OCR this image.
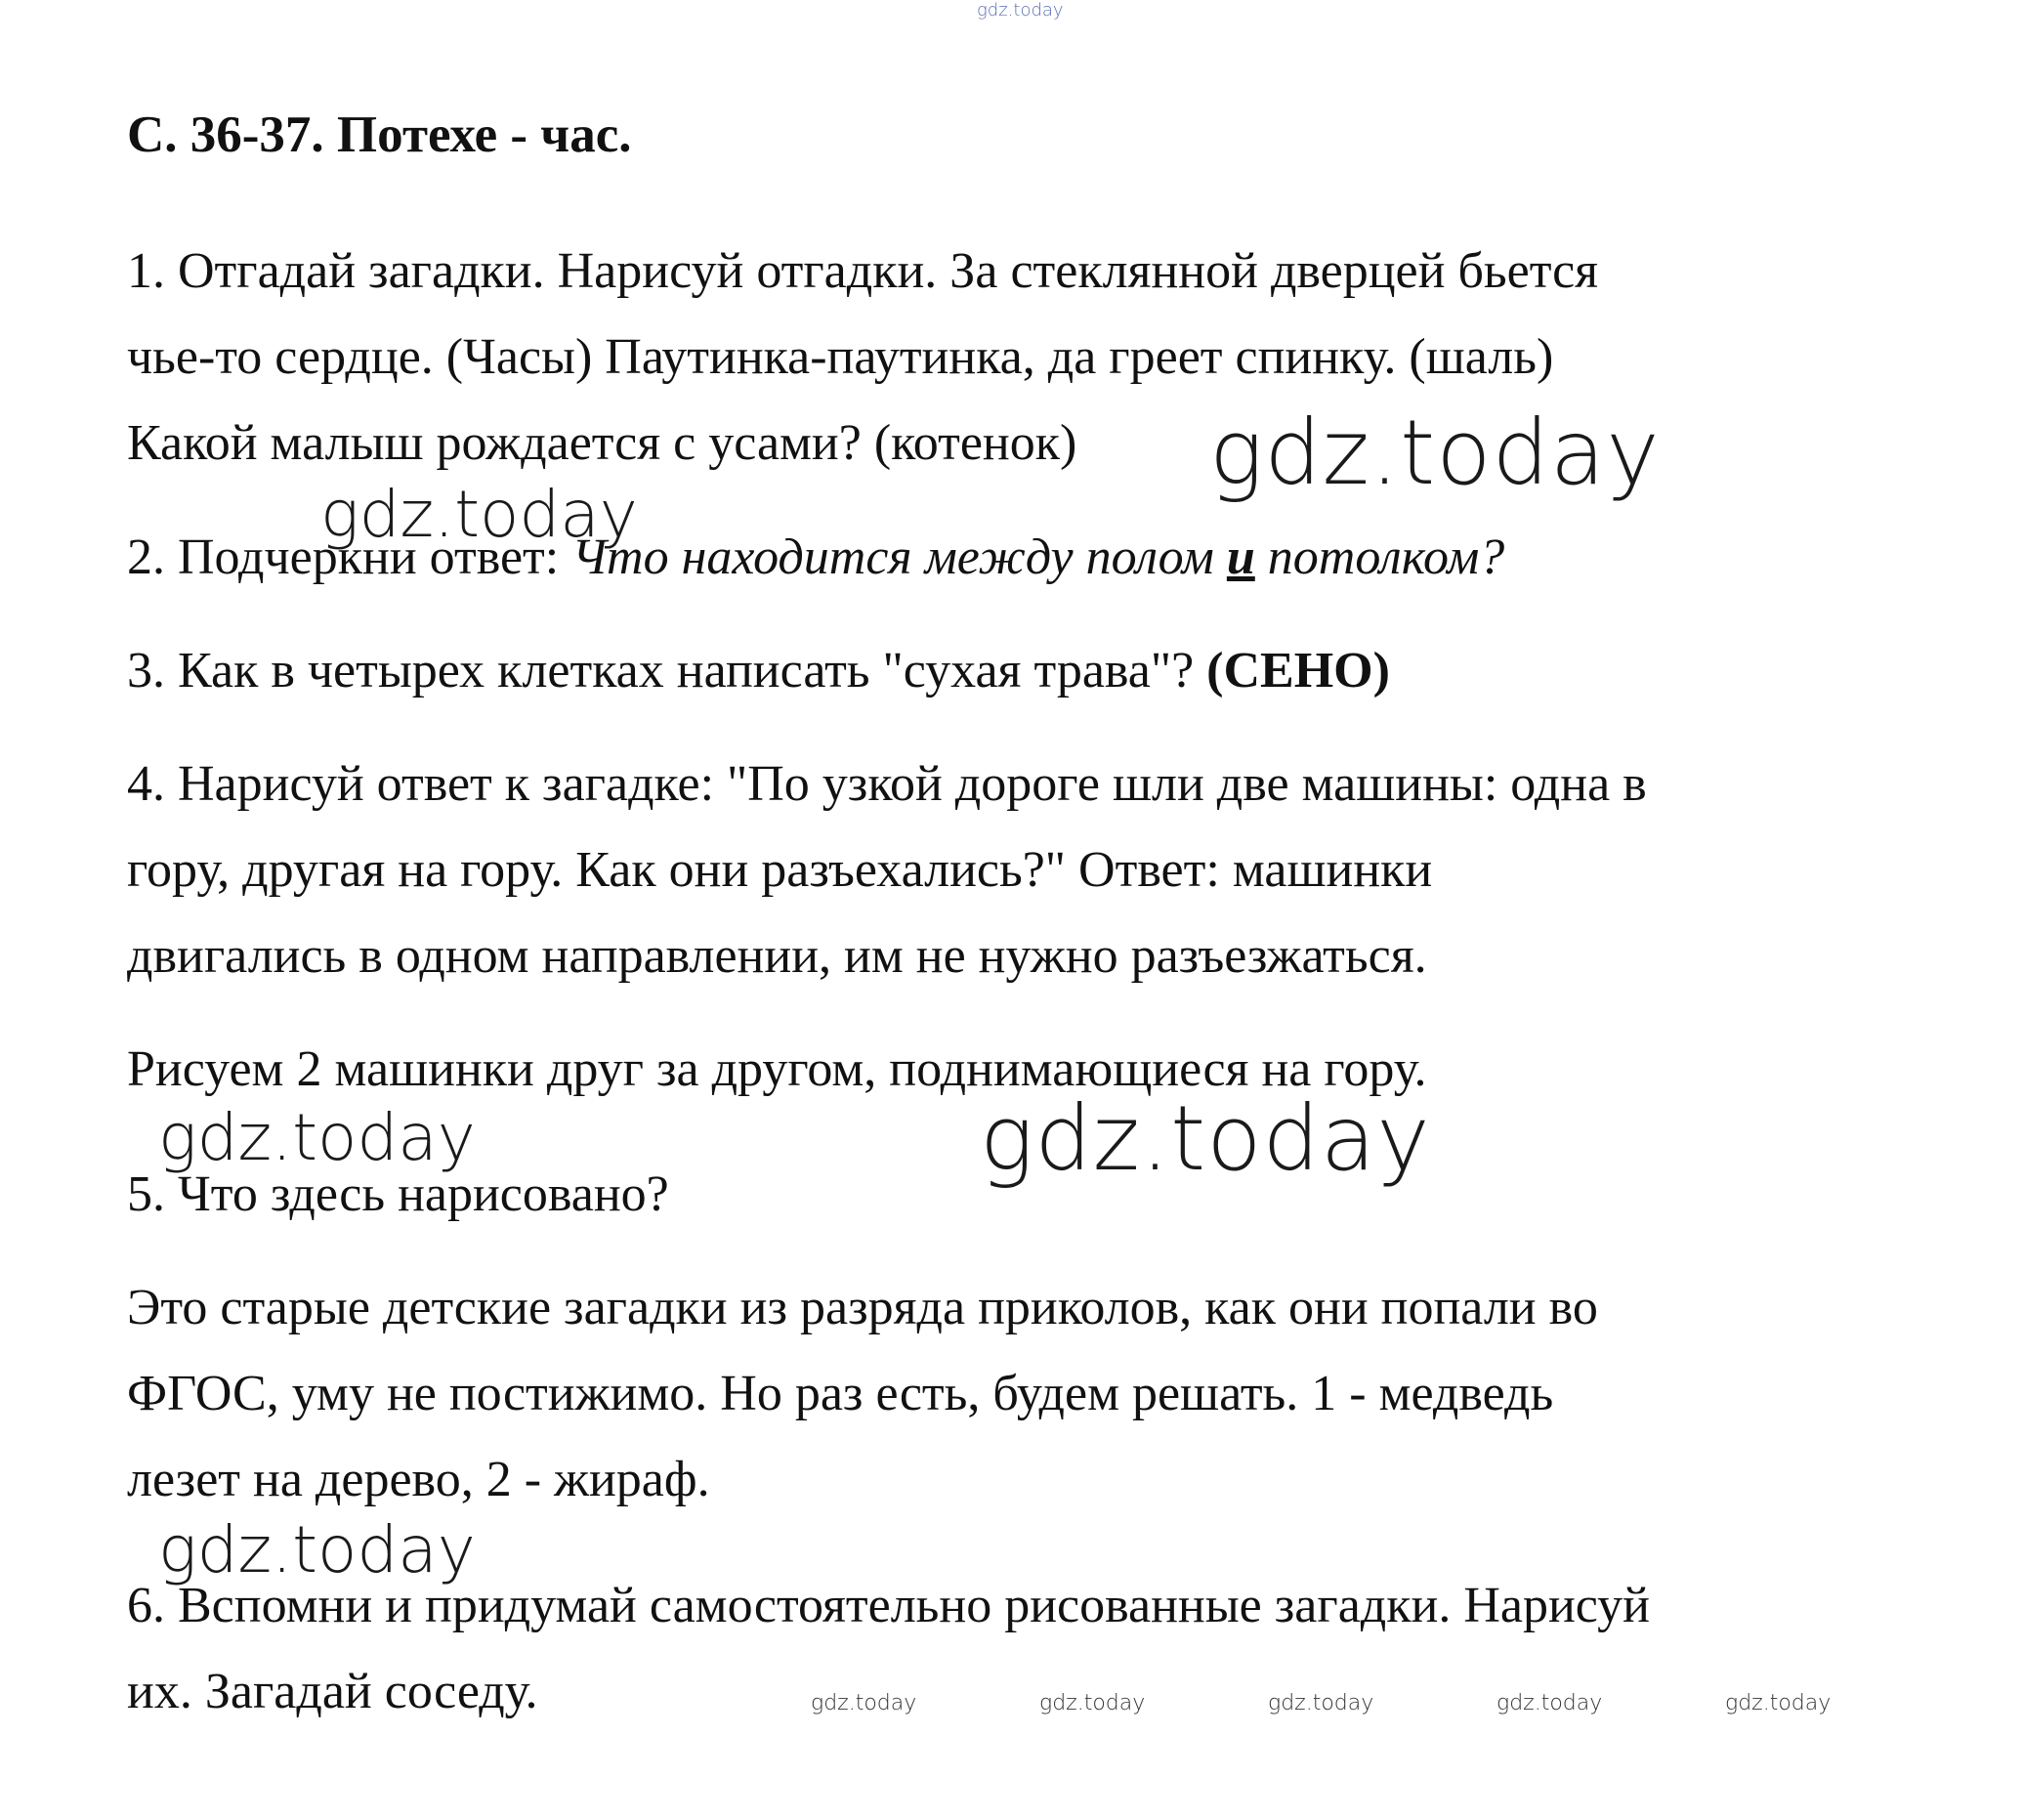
gdz.today
С. 36-37. Потехе - час.
1. Отгадай загадки. Нарисуй отгадки. За стеклянной дверцей бьется
чье-то сердце. (Часы) Паутинка-паутинка, да греет спинку. (шаль)
Какой малыш рождается с усами? (котенок) gdz.today
gdz.today
2. Подчеркни ответ: Что находится между полом и потолком?
3. Как в четырех клетках написать "сухая трава"? (СЕНО)
4. Нарисуй ответ к загадке: "По узкой дороге шли две машины: одна в
гору, другая на гору. Как они разъехались?" Ответ: машинки
двигались в одном направлении, им не нужно разъезжаться.
Рисуем 2 машинки друг за другом, поднимающиеся на гору.
gdz.today	gdz.today
5. Что здесь нарисовано?
Это старые детские загадки из разряда приколов, как они попали во
ФГОС, уму не постижимо. Но раз есть, будем решать. 1 - медведь
лезет на дерево, 2 - жираф.
gdz.today
6. Вспомни и придумай самостоятельно рисованные загадки. Нарисуй
их. Загадай соседу.	gdz.today	gdz.today	gdz.today	gdz.today	gdz.today
